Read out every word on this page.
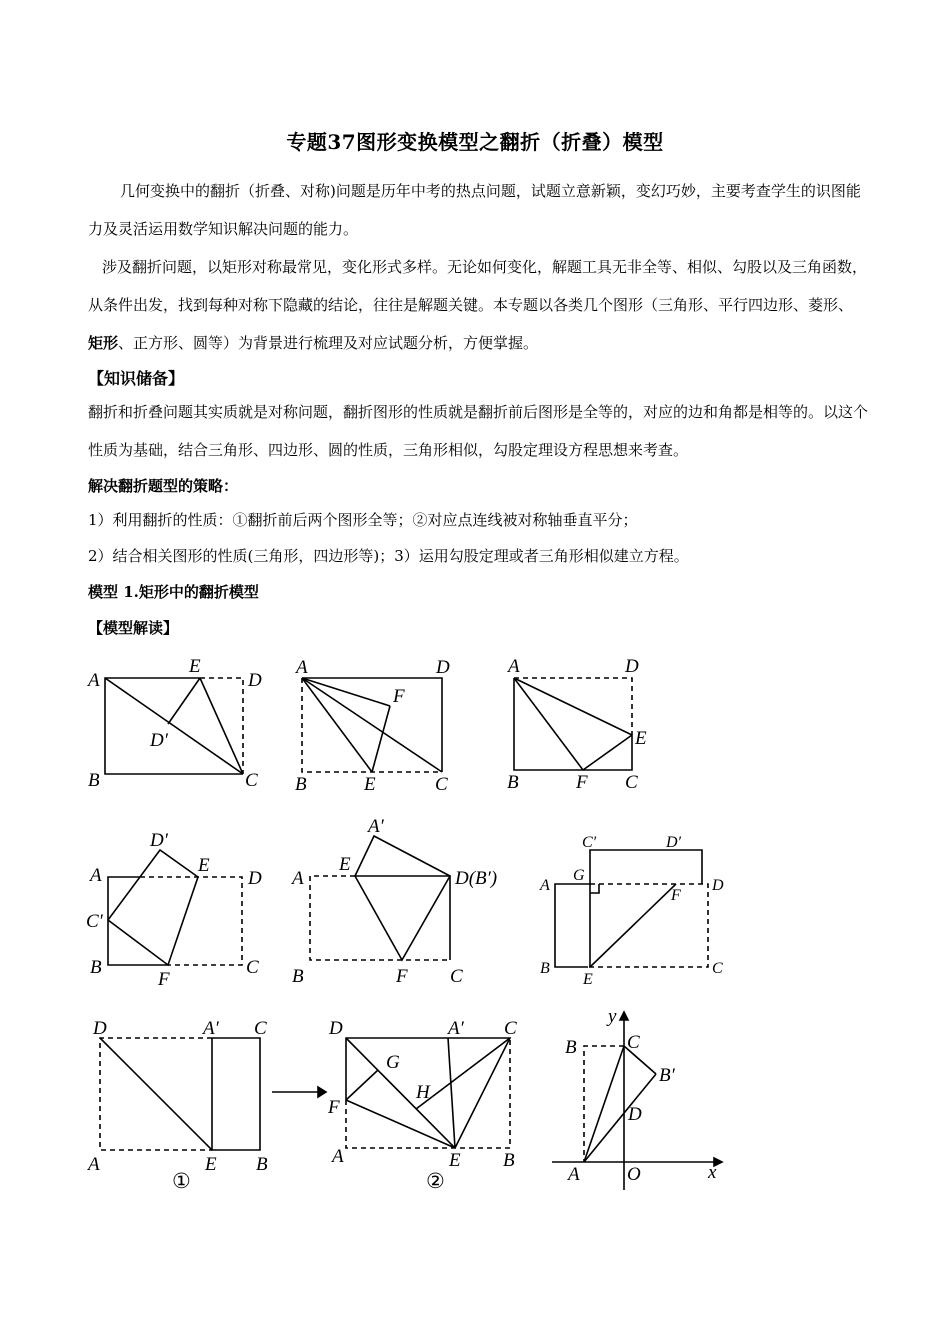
专题37图形变换模型之翻折（折叠）模型
几何变换中的翻折（折叠、对称)问题是历年中考的热点问题，试题立意新颖，变幻巧妙，主要考查学生的识图能力及灵活运用数学知识解决问题的能力。
涉及翻折问题，以矩形对称最常见，变化形式多样。无论如何变化，解题工具无非全等、相似、勾股以及三角函数，从条件出发，找到每种对称下隐藏的结论，往往是解题关键。本专题以各类几个图形（三角形、平行四边形、菱形、矩形、正方形、圆等）为背景进行梳理及对应试题分析，方便掌握。
【知识储备】
翻折和折叠问题其实质就是对称问题，翻折图形的性质就是翻折前后图形是全等的，对应的边和角都是相等的。以这个性质为基础，结合三角形、四边形、圆的性质，三角形相似，勾股定理设方程思想来考查。
解决翻折题型的策略：
1）利用翻折的性质：①翻折前后两个图形全等；②对应点连线被对称轴垂直平分；
2）结合相关图形的性质(三角形，四边形等)；3）运用勾股定理或者三角形相似建立方程。
模型 1.矩形中的翻折模型
【模型解读】
A
E
D
D′
B	C
A	D
F
B	E	C
A	D
E
B	F C
D′
A	E
D
C′
B
F
C
A′
E
A	D(B′)
B	F C
C′	D′
G
A	D
F
B
E
C
D	A′ C
A	E B
①
D	A′ C
G
H
F
A	E B
②
y
B	C
B′
D
A O	x
